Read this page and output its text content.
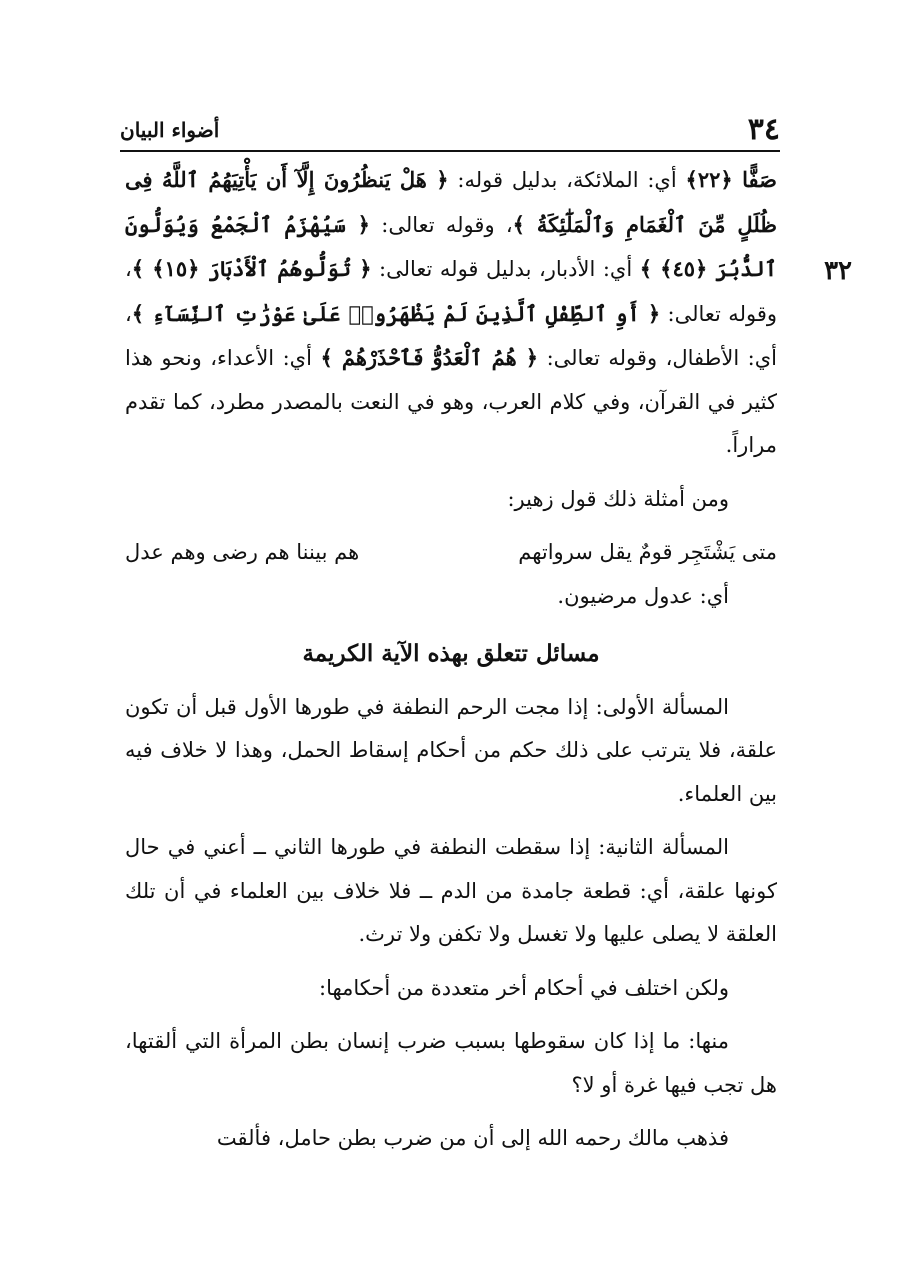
٣٤
أضواء البيان
٣٢

صَفًّا ﴿٢٢﴾ أي: الملائكة، بدليل قوله: ﴿ هَلْ يَنظُرُونَ إِلَّآ أَن يَأْتِيَهُمُ ٱللَّهُ فِى ظُلَلٍ مِّنَ ٱلْغَمَامِ وَٱلْمَلَٰٓئِكَةُ ﴾، وقوله تعالى: ﴿ سَيُهْزَمُ ٱلْجَمْعُ وَيُوَلُّونَ ٱلدُّبُرَ ﴿٤٥﴾ ﴾ أي: الأدبار، بدليل قوله تعالى: ﴿ تُوَلُّوهُمُ ٱلْأَدْبَارَ ﴿١٥﴾ ﴾، وقوله تعالى: ﴿ أَوِ ٱلطِّفْلِ ٱلَّذِينَ لَمْ يَظْهَرُوا۟ عَلَىٰ عَوْرَٰتِ ٱلنِّسَآءِ ﴾، أي: الأطفال، وقوله تعالى: ﴿ هُمُ ٱلْعَدُوُّ فَٱحْذَرْهُمْ ﴾ أي: الأعداء، ونحو هذا كثير في القرآن، وفي كلام العرب، وهو في النعت بالمصدر مطرد، كما تقدم مراراً.

ومن أمثلة ذلك قول زهير:

متى يَشْتَجِر قومٌ يقل سرواتهم
هم بيننا هم رضى وهم عدل

أي: عدول مرضيون.

مسائل تتعلق بهذه الآية الكريمة

المسألة الأولى: إذا مجت الرحم النطفة في طورها الأول قبل أن تكون علقة، فلا يترتب على ذلك حكم من أحكام إسقاط الحمل، وهذا لا خلاف فيه بين العلماء.

المسألة الثانية: إذا سقطت النطفة في طورها الثاني ــ أعني في حال كونها علقة، أي: قطعة جامدة من الدم ــ فلا خلاف بين العلماء في أن تلك العلقة لا يصلى عليها ولا تغسل ولا تكفن ولا ترث.

ولكن اختلف في أحكام أخر متعددة من أحكامها:

منها: ما إذا كان سقوطها بسبب ضرب إنسان بطن المرأة التي ألقتها، هل تجب فيها غرة أو لا؟

فذهب مالك رحمه الله إلى أن من ضرب بطن حامل، فألقت
